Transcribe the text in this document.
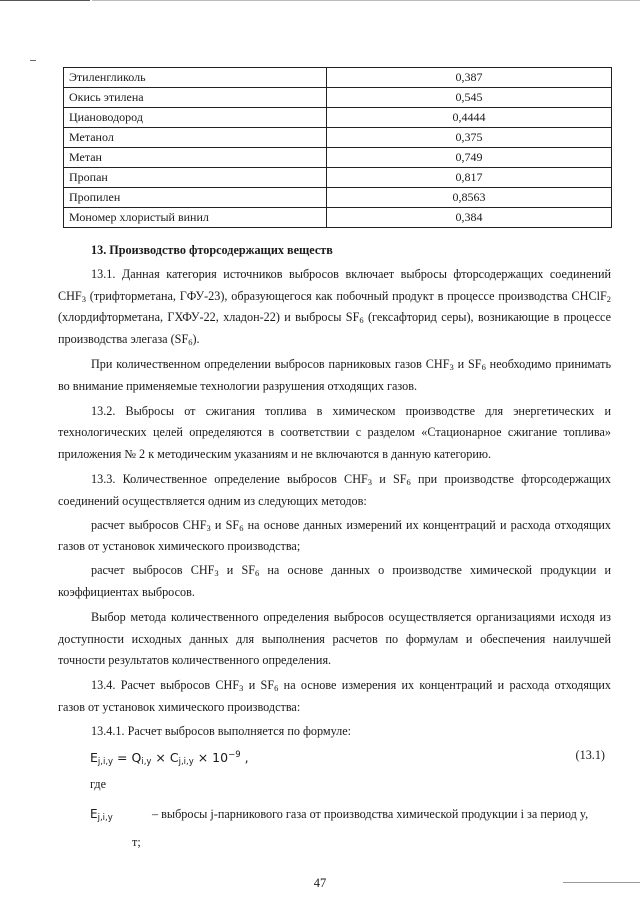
Этиленгликоль	0,387
Окись этилена	0,545
Циановодород	0,4444
Метанол	0,375
Метан	0,749
Пропан	0,817
Пропилен	0,8563
Мономер хлористый винил	0,384

13. Производство фторсодержащих веществ

13.1. Данная категория источников выбросов включает выбросы фторсодержащих соединений $CHF_3$ (трифторметана, ГФУ-23), образующегося как побочный продукт в процессе производства CHClF$_2$ (хлордифторметана, ГХФУ-22, хладон-22) и выбросы $SF_6$ (гексафторид серы), возникающие в процессе производства элегаза $(SF_6)$.

При количественном определении выбросов парниковых газов $CHF_3$ и $SF_6$ необходимо принимать во внимание применяемые технологии разрушения отходящих газов.

13.2. Выбросы от сжигания топлива в химическом производстве для энергетических и технологических целей определяются в соответствии с разделом «Стационарное сжигание топлива» приложения № 2 к методическим указаниям и не включаются в данную категорию.

13.3. Количественное определение выбросов $CHF_3$ и $SF_6$ при производстве фторсодержащих соединений осуществляется одним из следующих методов:

расчет выбросов $CHF_3$ и $SF_6$ на основе данных измерений их концентраций и расхода отходящих газов от установок химического производства;

расчет выбросов $CHF_3$ и $SF_6$ на основе данных о производстве химической продукции и коэффициентах выбросов.

Выбор метода количественного определения выбросов осуществляется организациями исходя из доступности исходных данных для выполнения расчетов по формулам и обеспечения наилучшей точности результатов количественного определения.

13.4. Расчет выбросов $CHF_3$ и $SF_6$ на основе измерения их концентраций и расхода отходящих газов от установок химического производства:

13.4.1. Расчет выбросов выполняется по формуле:

$E_{j,i,y} = Q_{i,y} \times C_{j,i,y} \times 10^{-9}$ ,	(13.1)
где
$E_{j,i,y}$	– выбросы j-парникового газа от производства химической продукции i за период y,
т;
47
